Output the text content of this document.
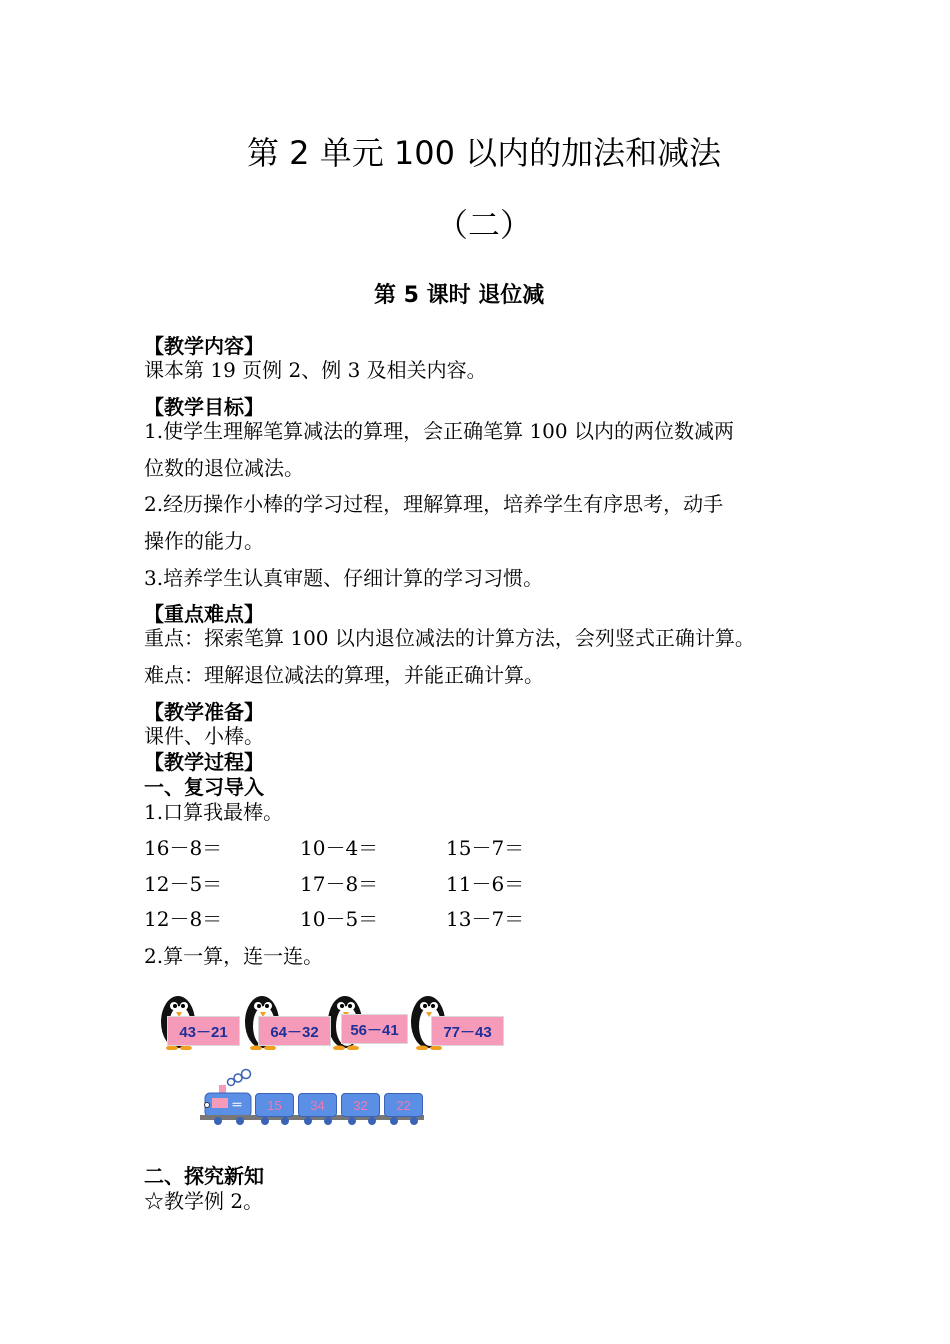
第 2 单元 100 以内的加法和减法
（二）
第 5 课时 退位减
【教学内容】
课本第 19 页例 2、例 3 及相关内容。
【教学目标】
1.使学生理解笔算减法的算理，会正确笔算 100 以内的两位数减两
位数的退位减法。
2.经历操作小棒的学习过程，理解算理，培养学生有序思考，动手
操作的能力。
3.培养学生认真审题、仔细计算的学习习惯。
【重点难点】
重点：探索笔算 100 以内退位减法的计算方法，会列竖式正确计算。
难点：理解退位减法的算理，并能正确计算。
【教学准备】
课件、小棒。
【教学过程】
一、复习导入
1.口算我最棒。
16－8＝	10－4＝	15－7＝
12－5＝	17－8＝	11－6＝
12－8＝	10－5＝	13－7＝
2.算一算，连一连。
43－21	64－32	56－41	77－43
＝	15	34	32	22
二、探究新知
☆教学例 2。
